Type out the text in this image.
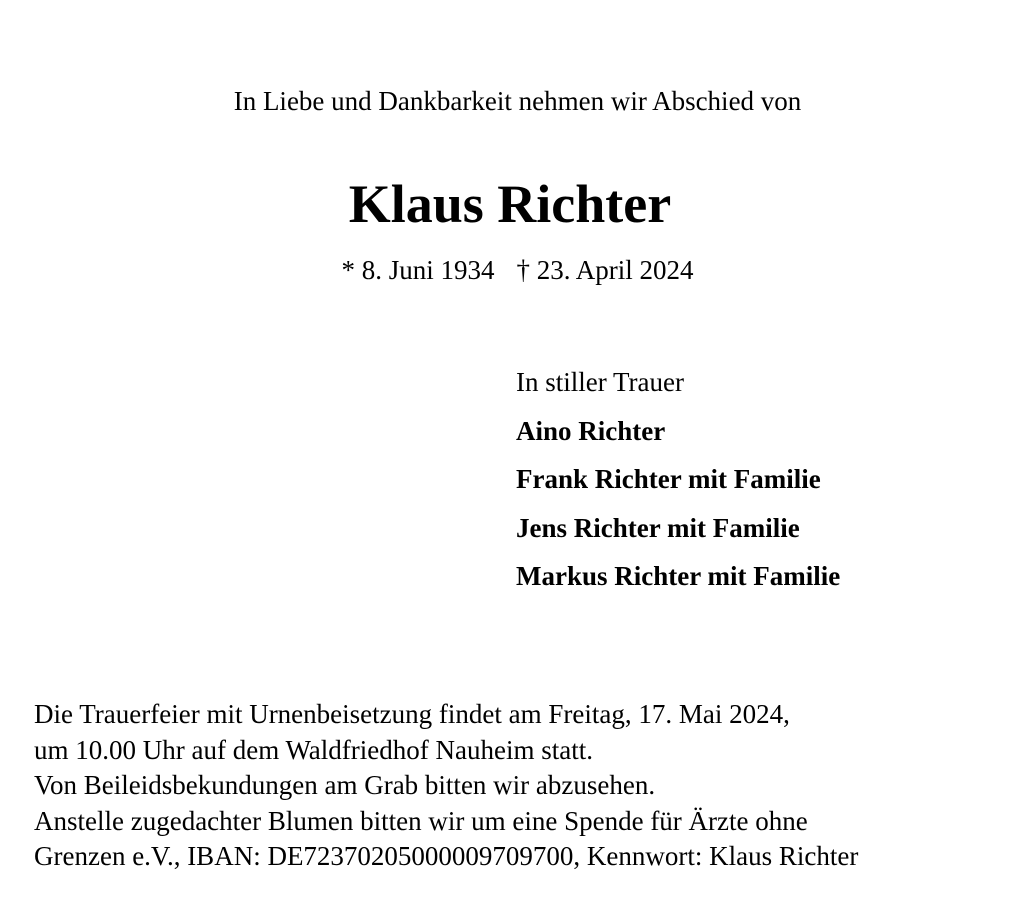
In Liebe und Dankbarkeit nehmen wir Abschied von
Klaus Richter
* 8. Juni 1934 † 23. April 2024
In stiller Trauer
Aino Richter
Frank Richter mit Familie
Jens Richter mit Familie
Markus Richter mit Familie
Die Trauerfeier mit Urnenbeisetzung findet am Freitag, 17. Mai 2024,
um 10.00 Uhr auf dem Waldfriedhof Nauheim statt.
Von Beileidsbekundungen am Grab bitten wir abzusehen.
Anstelle zugedachter Blumen bitten wir um eine Spende für Ärzte ohne
Grenzen e.V., IBAN: DE72370205000009709700, Kennwort: Klaus Richter
